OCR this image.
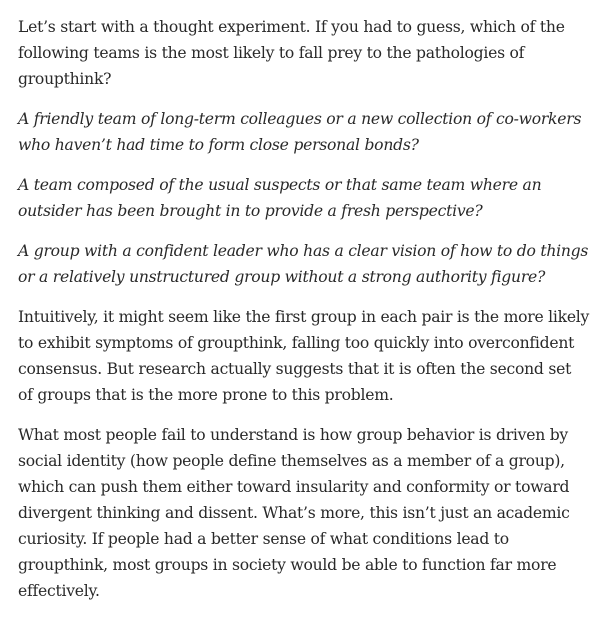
Let’s start with a thought experiment. If you had to guess, which of the following teams is the most likely to fall prey to the pathologies of groupthink?

A friendly team of long-term colleagues or a new collection of co-workers who haven’t had time to form close personal bonds?

A team composed of the usual suspects or that same team where an outsider has been brought in to provide a fresh perspective?

A group with a confident leader who has a clear vision of how to do things or a relatively unstructured group without a strong authority figure?

Intuitively, it might seem like the first group in each pair is the more likely to exhibit symptoms of groupthink, falling too quickly into overconfident consensus. But research actually suggests that it is often the second set of groups that is the more prone to this problem.

What most people fail to understand is how group behavior is driven by social identity (how people define themselves as a member of a group), which can push them either toward insularity and conformity or toward divergent thinking and dissent. What’s more, this isn’t just an academic curiosity. If people had a better sense of what conditions lead to groupthink, most groups in society would be able to function far more effectively.
